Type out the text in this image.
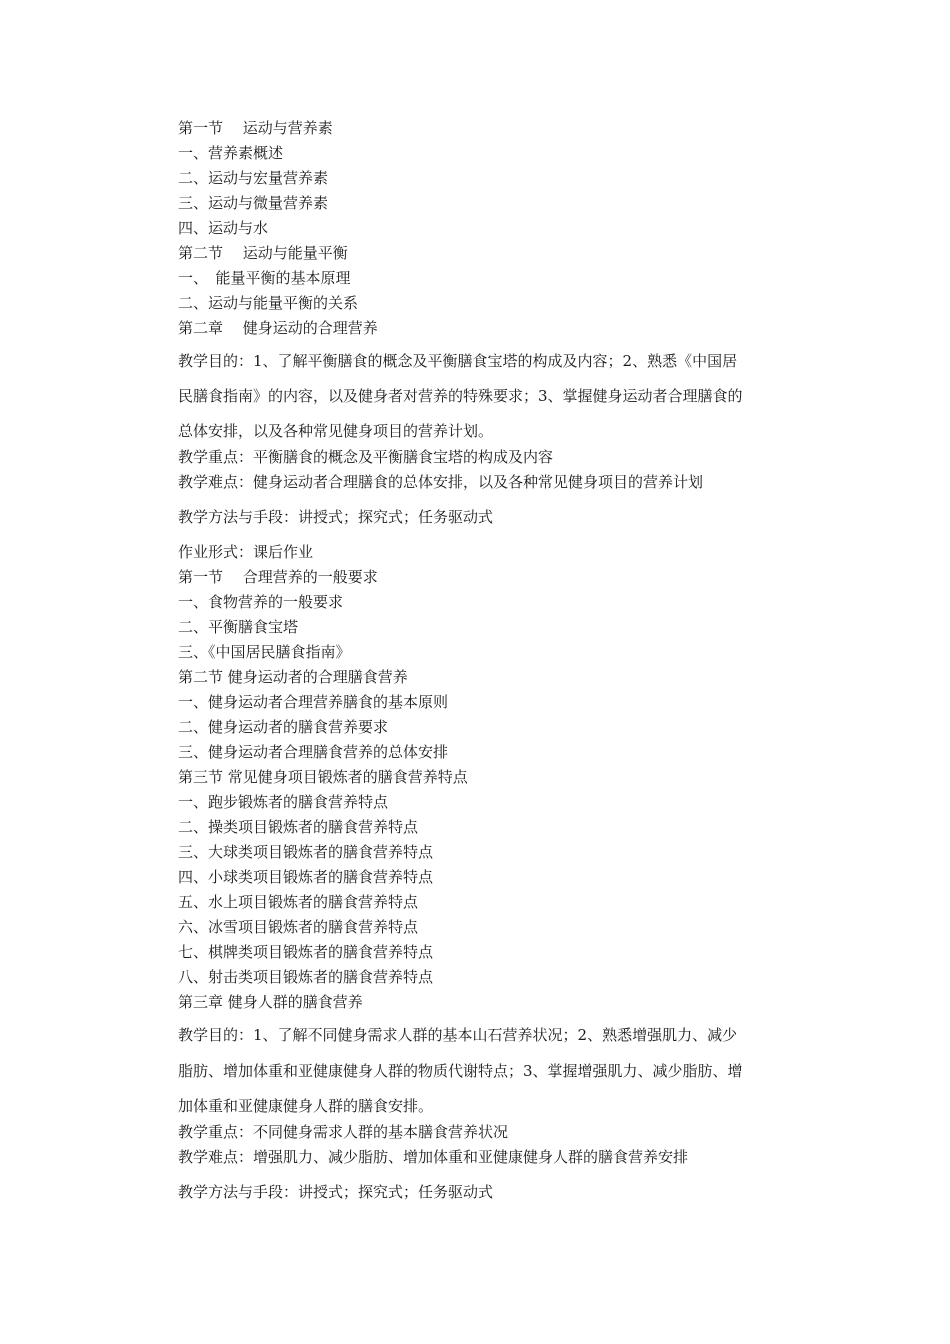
第一节　 运动与营养素
一、营养素概述
二、运动与宏量营养素
三、运动与微量营养素
四、运动与水
第二节　 运动与能量平衡
一、　能量平衡的基本原理
二、运动与能量平衡的关系
第二章　 健身运动的合理营养
教学目的：1、了解平衡膳食的概念及平衡膳食宝塔的构成及内容；2、熟悉《中国居
民膳食指南》的内容，以及健身者对营养的特殊要求；3、掌握健身运动者合理膳食的
总体安排，以及各种常见健身项目的营养计划。
教学重点：平衡膳食的概念及平衡膳食宝塔的构成及内容
教学难点：健身运动者合理膳食的总体安排，以及各种常见健身项目的营养计划
教学方法与手段：讲授式；探究式；任务驱动式
作业形式：课后作业
第一节　 合理营养的一般要求
一、食物营养的一般要求
二、平衡膳食宝塔
三、《中国居民膳食指南》
第二节 健身运动者的合理膳食营养
一、健身运动者合理营养膳食的基本原则
二、健身运动者的膳食营养要求
三、健身运动者合理膳食营养的总体安排
第三节 常见健身项目锻炼者的膳食营养特点
一、跑步锻炼者的膳食营养特点
二、操类项目锻炼者的膳食营养特点
三、大球类项目锻炼者的膳食营养特点
四、小球类项目锻炼者的膳食营养特点
五、水上项目锻炼者的膳食营养特点
六、冰雪项目锻炼者的膳食营养特点
七、棋牌类项目锻炼者的膳食营养特点
八、射击类项目锻炼者的膳食营养特点
第三章 健身人群的膳食营养
教学目的：1、了解不同健身需求人群的基本山石营养状况；2、熟悉增强肌力、减少
脂肪、增加体重和亚健康健身人群的物质代谢特点；3、掌握增强肌力、减少脂肪、增
加体重和亚健康健身人群的膳食安排。
教学重点：不同健身需求人群的基本膳食营养状况
教学难点：增强肌力、减少脂肪、增加体重和亚健康健身人群的膳食营养安排
教学方法与手段：讲授式；探究式；任务驱动式
